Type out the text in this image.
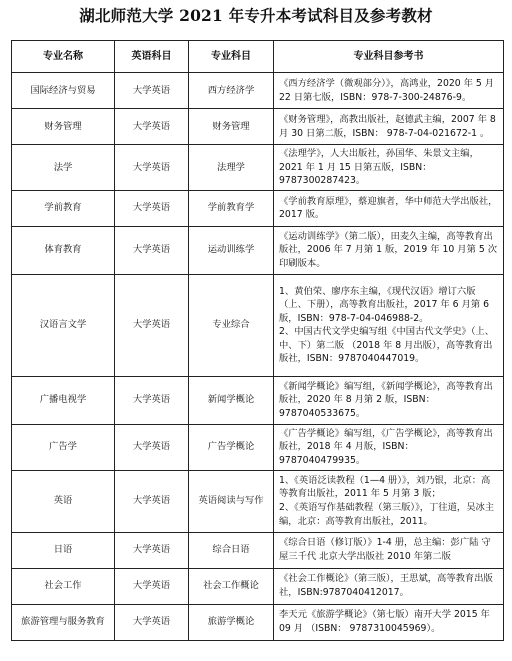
湖北师范大学 2021 年专升本考试科目及参考教材
专业名称	英语科目	专业科目	专业科目参考书
国际经济与贸易	大学英语	西方经济学	《西方经济学（微观部分）》，高鸿业，2020 年 5 月 22 日第七版，ISBN：978-7-300-24876-9。

财务管理	大学英语	财务管理	《财务管理》，高教出版社，赵德武主编，2007 年 8 月 30 日第二版，ISBN： 978-7-04-021672-1 。

法学	大学英语	法理学	《法理学》，人大出版社，孙国华、朱景文主编，2021 年 1 月 15 日第五版，ISBN：9787300287423。

学前教育	大学英语	学前教育学	《学前教育原理》，蔡迎旗者，华中师范大学出版社，2017 版。

体育教育	大学英语	运动训练学	《运动训练学》（第二版），田麦久主编，高等教育出版社，2006 年 7 月第 1 版，2019 年 10 月第 5 次印刷版本。

汉语言文学	大学英语	专业综合	1、黄伯荣、廖序东主编，《现代汉语》增订六版（上、下册），高等教育出版社，2017 年 6 月第 6 版，ISBN：978-7-04-046988-2。
2、中国古代文学史编写组《中国古代文学史》（上、中、下）第二版 （2018 年 8 月出版），高等教育出版社，ISBN：9787040447019。

广播电视学	大学英语	新闻学概论	《新闻学概论》编写组，《新闻学概论》，高等教育出版社，2020 年 8 月第 2 版，ISBN：9787040533675。

广告学	大学英语	广告学概论	《广告学概论》编写组，《广告学概论》，高等教育出版社，2018 年 4 月版，ISBN：9787040479935。

英语	大学英语	英语阅读与写作	1、《英语泛读教程（1—4 册）》，刘乃银，北京：高等教育出版社，2011 年 5 月第 3 版；
2、《英语写作基础教程（第三版）》，丁往道，吴冰主编，北京：高等教育出版社，2011。

日语	大学英语	综合日语	《综合日语（修订版）》1-4 册，总主编：彭广陆 守屋三千代 北京大学出版社 2010 年第二版

社会工作	大学英语	社会工作概论	《社会工作概论》（第三版），王思斌，高等教育出版社，ISBN:9787040412017。

旅游管理与服务教育	大学英语	旅游学概论	李天元《旅游学概论》（第七版）南开大学 2015 年 09 月 （ISBN： 9787310045969）。
